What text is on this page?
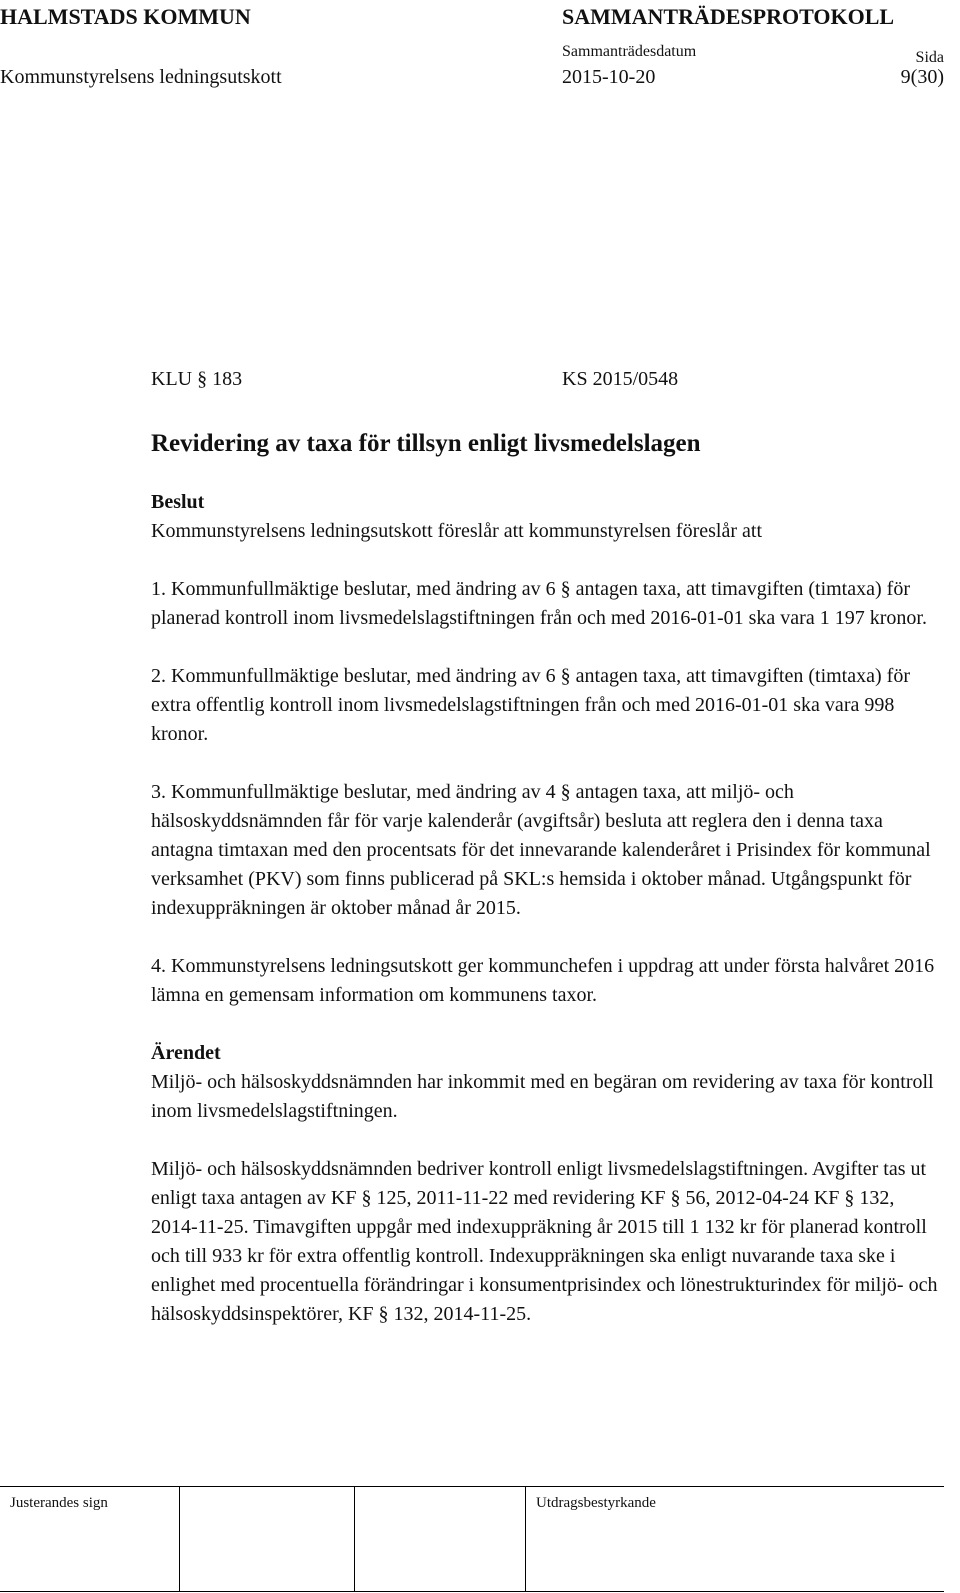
HALMSTADS KOMMUN	SAMMANTRÄDESPROTOKOLL
Sammanträdesdatum	Sida
Kommunstyrelsens ledningsutskott	2015-10-20	9(30)
KLU § 183	KS 2015/0548
Revidering av taxa för tillsyn enligt livsmedelslagen

Beslut

Kommunstyrelsens ledningsutskott föreslår att kommunstyrelsen föreslår att

1. Kommunfullmäktige beslutar, med ändring av 6 § antagen taxa, att timavgiften (timtaxa) för planerad kontroll inom livsmedelslagstiftningen från och med 2016-01-01 ska vara 1 197 kronor.

2. Kommunfullmäktige beslutar, med ändring av 6 § antagen taxa, att timavgiften (timtaxa) för extra offentlig kontroll inom livsmedelslagstiftningen från och med 2016-01-01 ska vara 998 kronor.

3. Kommunfullmäktige beslutar, med ändring av 4 § antagen taxa, att miljö- och hälsoskyddsnämnden får för varje kalenderår (avgiftsår) besluta att reglera den i denna taxa antagna timtaxan med den procentsats för det innevarande kalenderåret i Prisindex för kommunal verksamhet (PKV) som finns publicerad på SKL:s hemsida i oktober månad. Utgångspunkt för indexuppräkningen är oktober månad år 2015.

4. Kommunstyrelsens ledningsutskott ger kommunchefen i uppdrag att under första halvåret 2016 lämna en gemensam information om kommunens taxor.

Ärendet

Miljö- och hälsoskyddsnämnden har inkommit med en begäran om revidering av taxa för kontroll inom livsmedelslagstiftningen.

Miljö- och hälsoskyddsnämnden bedriver kontroll enligt livsmedelslagstiftningen. Avgifter tas ut enligt taxa antagen av KF § 125, 2011-11-22 med revidering KF § 56, 2012-04-24 KF § 132, 2014-11-25. Timavgiften uppgår med indexuppräkning år 2015 till 1 132 kr för planerad kontroll och till 933 kr för extra offentlig kontroll. Indexuppräkningen ska enligt nuvarande taxa ske i enlighet med procentuella förändringar i konsumentprisindex och lönestrukturindex för miljö- och hälsoskyddsinspektörer, KF § 132, 2014-11-25.

Justerandes sign	Utdragsbestyrkande
